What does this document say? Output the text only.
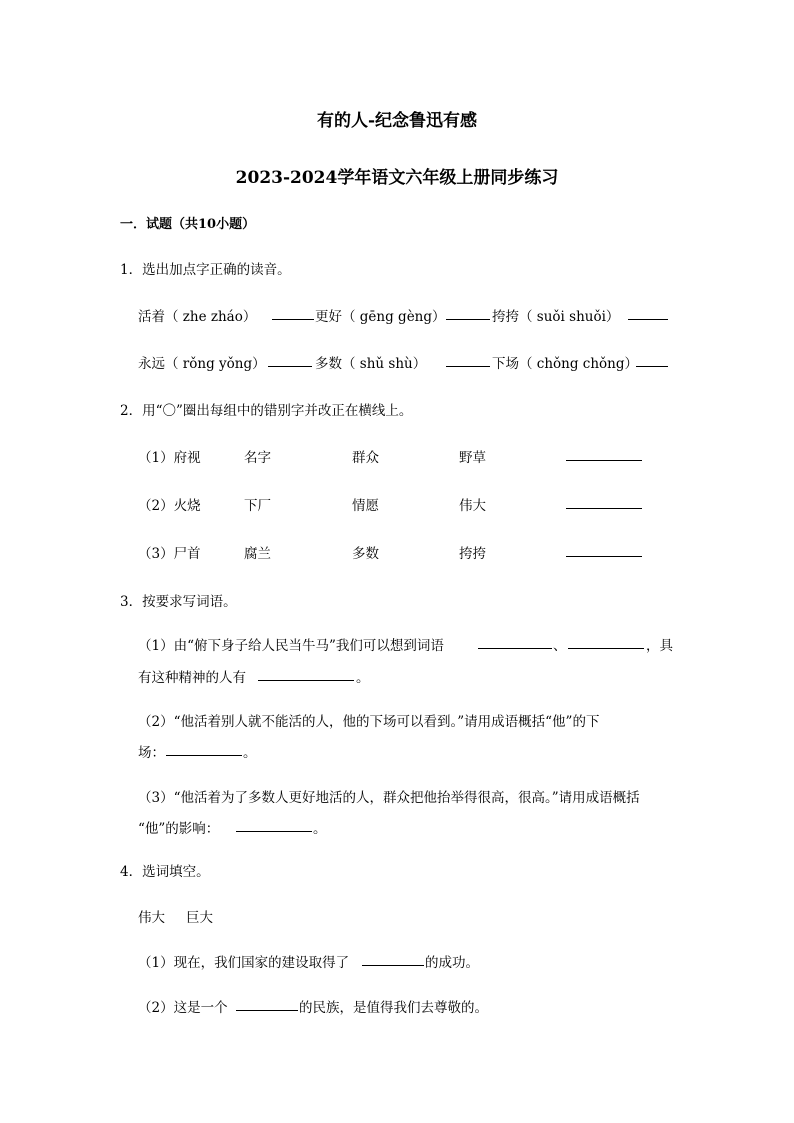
有的人-纪念鲁迅有感
2023-2024学年语文六年级上册同步练习
一．试题（共10小题）
1．选出加点字正确的读音。
活着（ zhe zháo）	更好（ gēng gèng）	挎挎（ suǒi shuǒi）
永远（ rǒng yǒng）	多数（ shǔ shù）	下场（ chǒng chǒng）
2．用“〇”圈出每组中的错别字并改正在横线上。
（1）府视	名字	群众	野草
（2）火烧	下厂	情愿	伟大
（3）尸首	腐兰	多数	挎挎
3．按要求写词语。
（1）由“俯下身子给人民当牛马”我们可以想到词语	、	，具
有这种精神的人有	。
（2）“他活着别人就不能活的人，他的下场可以看到。”请用成语概括“他”的下
场：	。
（3）“他活着为了多数人更好地活的人，群众把他抬举得很高，很高。”请用成语概括
“他”的影响：	。
4．选词填空。
伟大 巨大
（1）现在，我们国家的建设取得了	的成功。
（2）这是一个	的民族，是值得我们去尊敬的。
